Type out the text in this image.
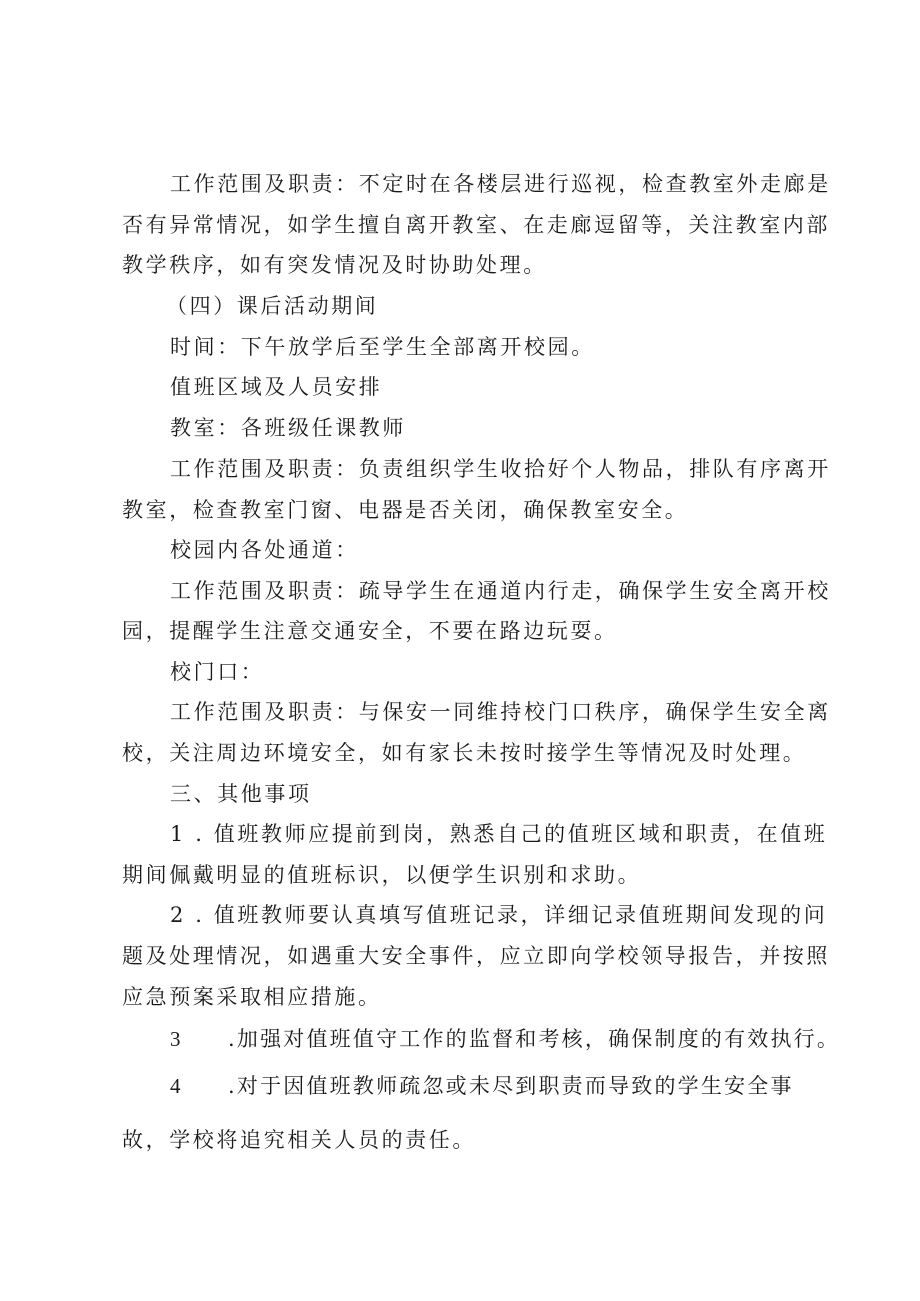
工作范围及职责：不定时在各楼层进行巡视，检查教室外走廊是
否有异常情况，如学生擅自离开教室、在走廊逗留等，关注教室内部
教学秩序，如有突发情况及时协助处理。
（四）课后活动期间
时间：下午放学后至学生全部离开校园。
值班区域及人员安排
教室：各班级任课教师
工作范围及职责：负责组织学生收拾好个人物品，排队有序离开
教室，检查教室门窗、电器是否关闭，确保教室安全。
校园内各处通道：
工作范围及职责：疏导学生在通道内行走，确保学生安全离开校
园，提醒学生注意交通安全，不要在路边玩耍。
校门口：
工作范围及职责：与保安一同维持校门口秩序，确保学生安全离
校，关注周边环境安全，如有家长未按时接学生等情况及时处理。
三、其他事项
1 . 值班教师应提前到岗，熟悉自己的值班区域和职责，在值班
期间佩戴明显的值班标识，以便学生识别和求助。
2 . 值班教师要认真填写值班记录，详细记录值班期间发现的问
题及处理情况，如遇重大安全事件，应立即向学校领导报告，并按照
应急预案采取相应措施。
3 .加强对值班值守工作的监督和考核，确保制度的有效执行。
4 .对于因值班教师疏忽或未尽到职责而导致的学生安全事
故，学校将追究相关人员的责任。
